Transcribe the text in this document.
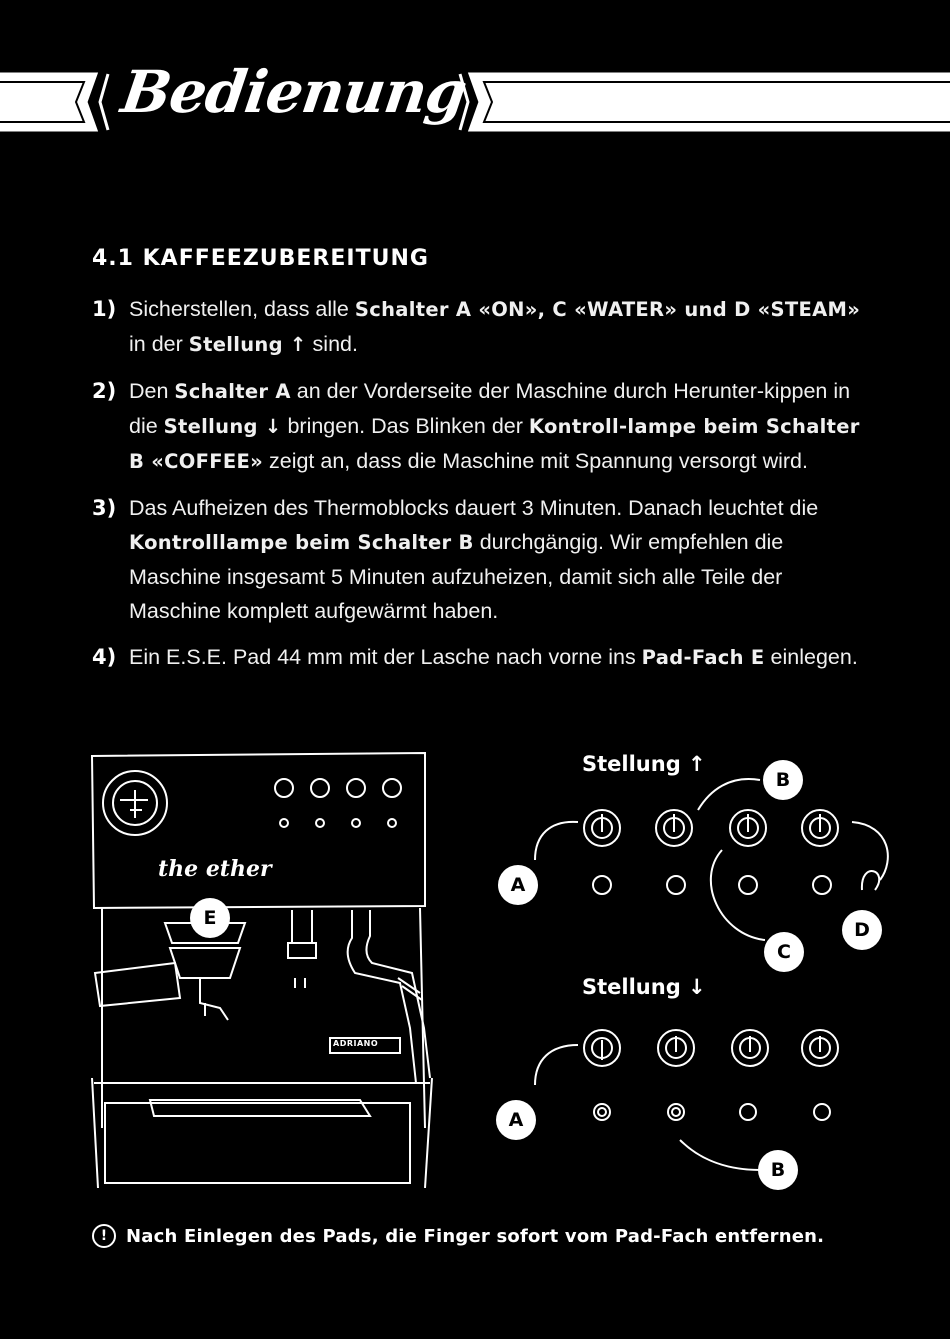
Bedienung
4.1 KAFFEEZUBEREITUNG
1) Sicherstellen, dass alle Schalter A «ON», C «WATER» und D «STEAM» in der Stellung ↑ sind.
2) Den Schalter A an der Vorderseite der Maschine durch Herunter-kippen in die Stellung ↓ bringen. Das Blinken der Kontroll-lampe beim Schalter B «COFFEE» zeigt an, dass die Maschine mit Spannung versorgt wird.
3) Das Aufheizen des Thermoblocks dauert 3 Minuten. Danach leuchtet die Kontrolllampe beim Schalter B durchgängig. Wir empfehlen die Maschine insgesamt 5 Minuten aufzuheizen, damit sich alle Teile der Maschine komplett aufgewärmt haben.
4) Ein E.S.E. Pad 44 mm mit der Lasche nach vorne ins Pad-Fach E einlegen.
the ether
ADRIANO
E
Stellung ↑
B
A
C
D
A
B
Stellung ↓
!	Nach Einlegen des Pads, die Finger sofort vom Pad-Fach entfernen.
